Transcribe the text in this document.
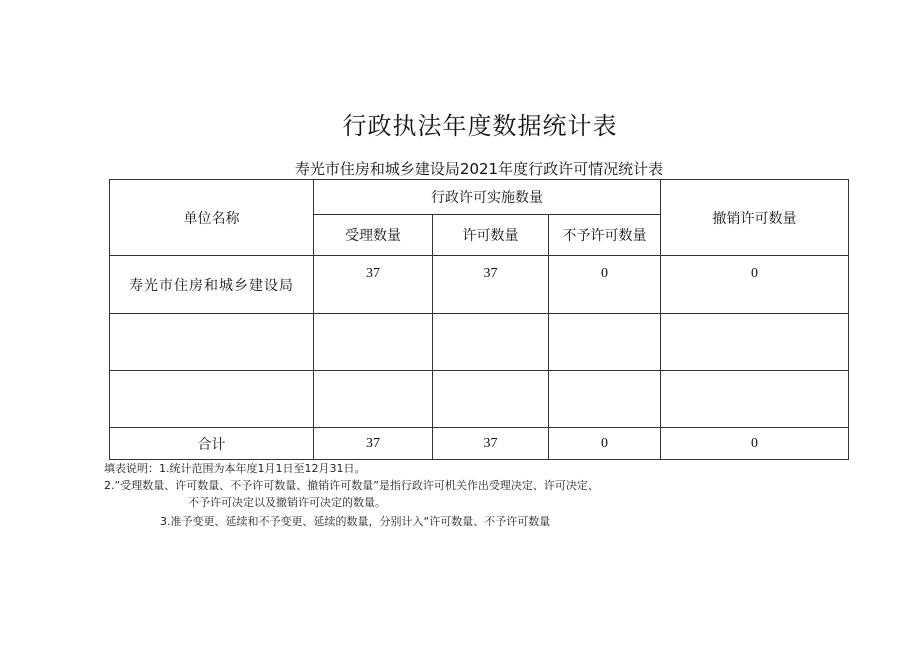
行政执法年度数据统计表
寿光市住房和城乡建设局2021年度行政许可情况统计表
单位名称	行政许可实施数量			撤销许可数量
	受理数量	许可数量	不予许可数量	
寿光市住房和城乡建设局	37	37	0	0

合计	37	37	0	0
填表说明：1.统计范围为本年度1月1日至12月31日。
2.”受理数量、许可数量、不予许可数量、撤销许可数量”是指行政许可机关作出受理决定、许可决定、
不予许可决定以及撤销许可决定的数量。
3.准予变更、延续和不予变更、延续的数量，分别计入“许可数量、不予许可数量
